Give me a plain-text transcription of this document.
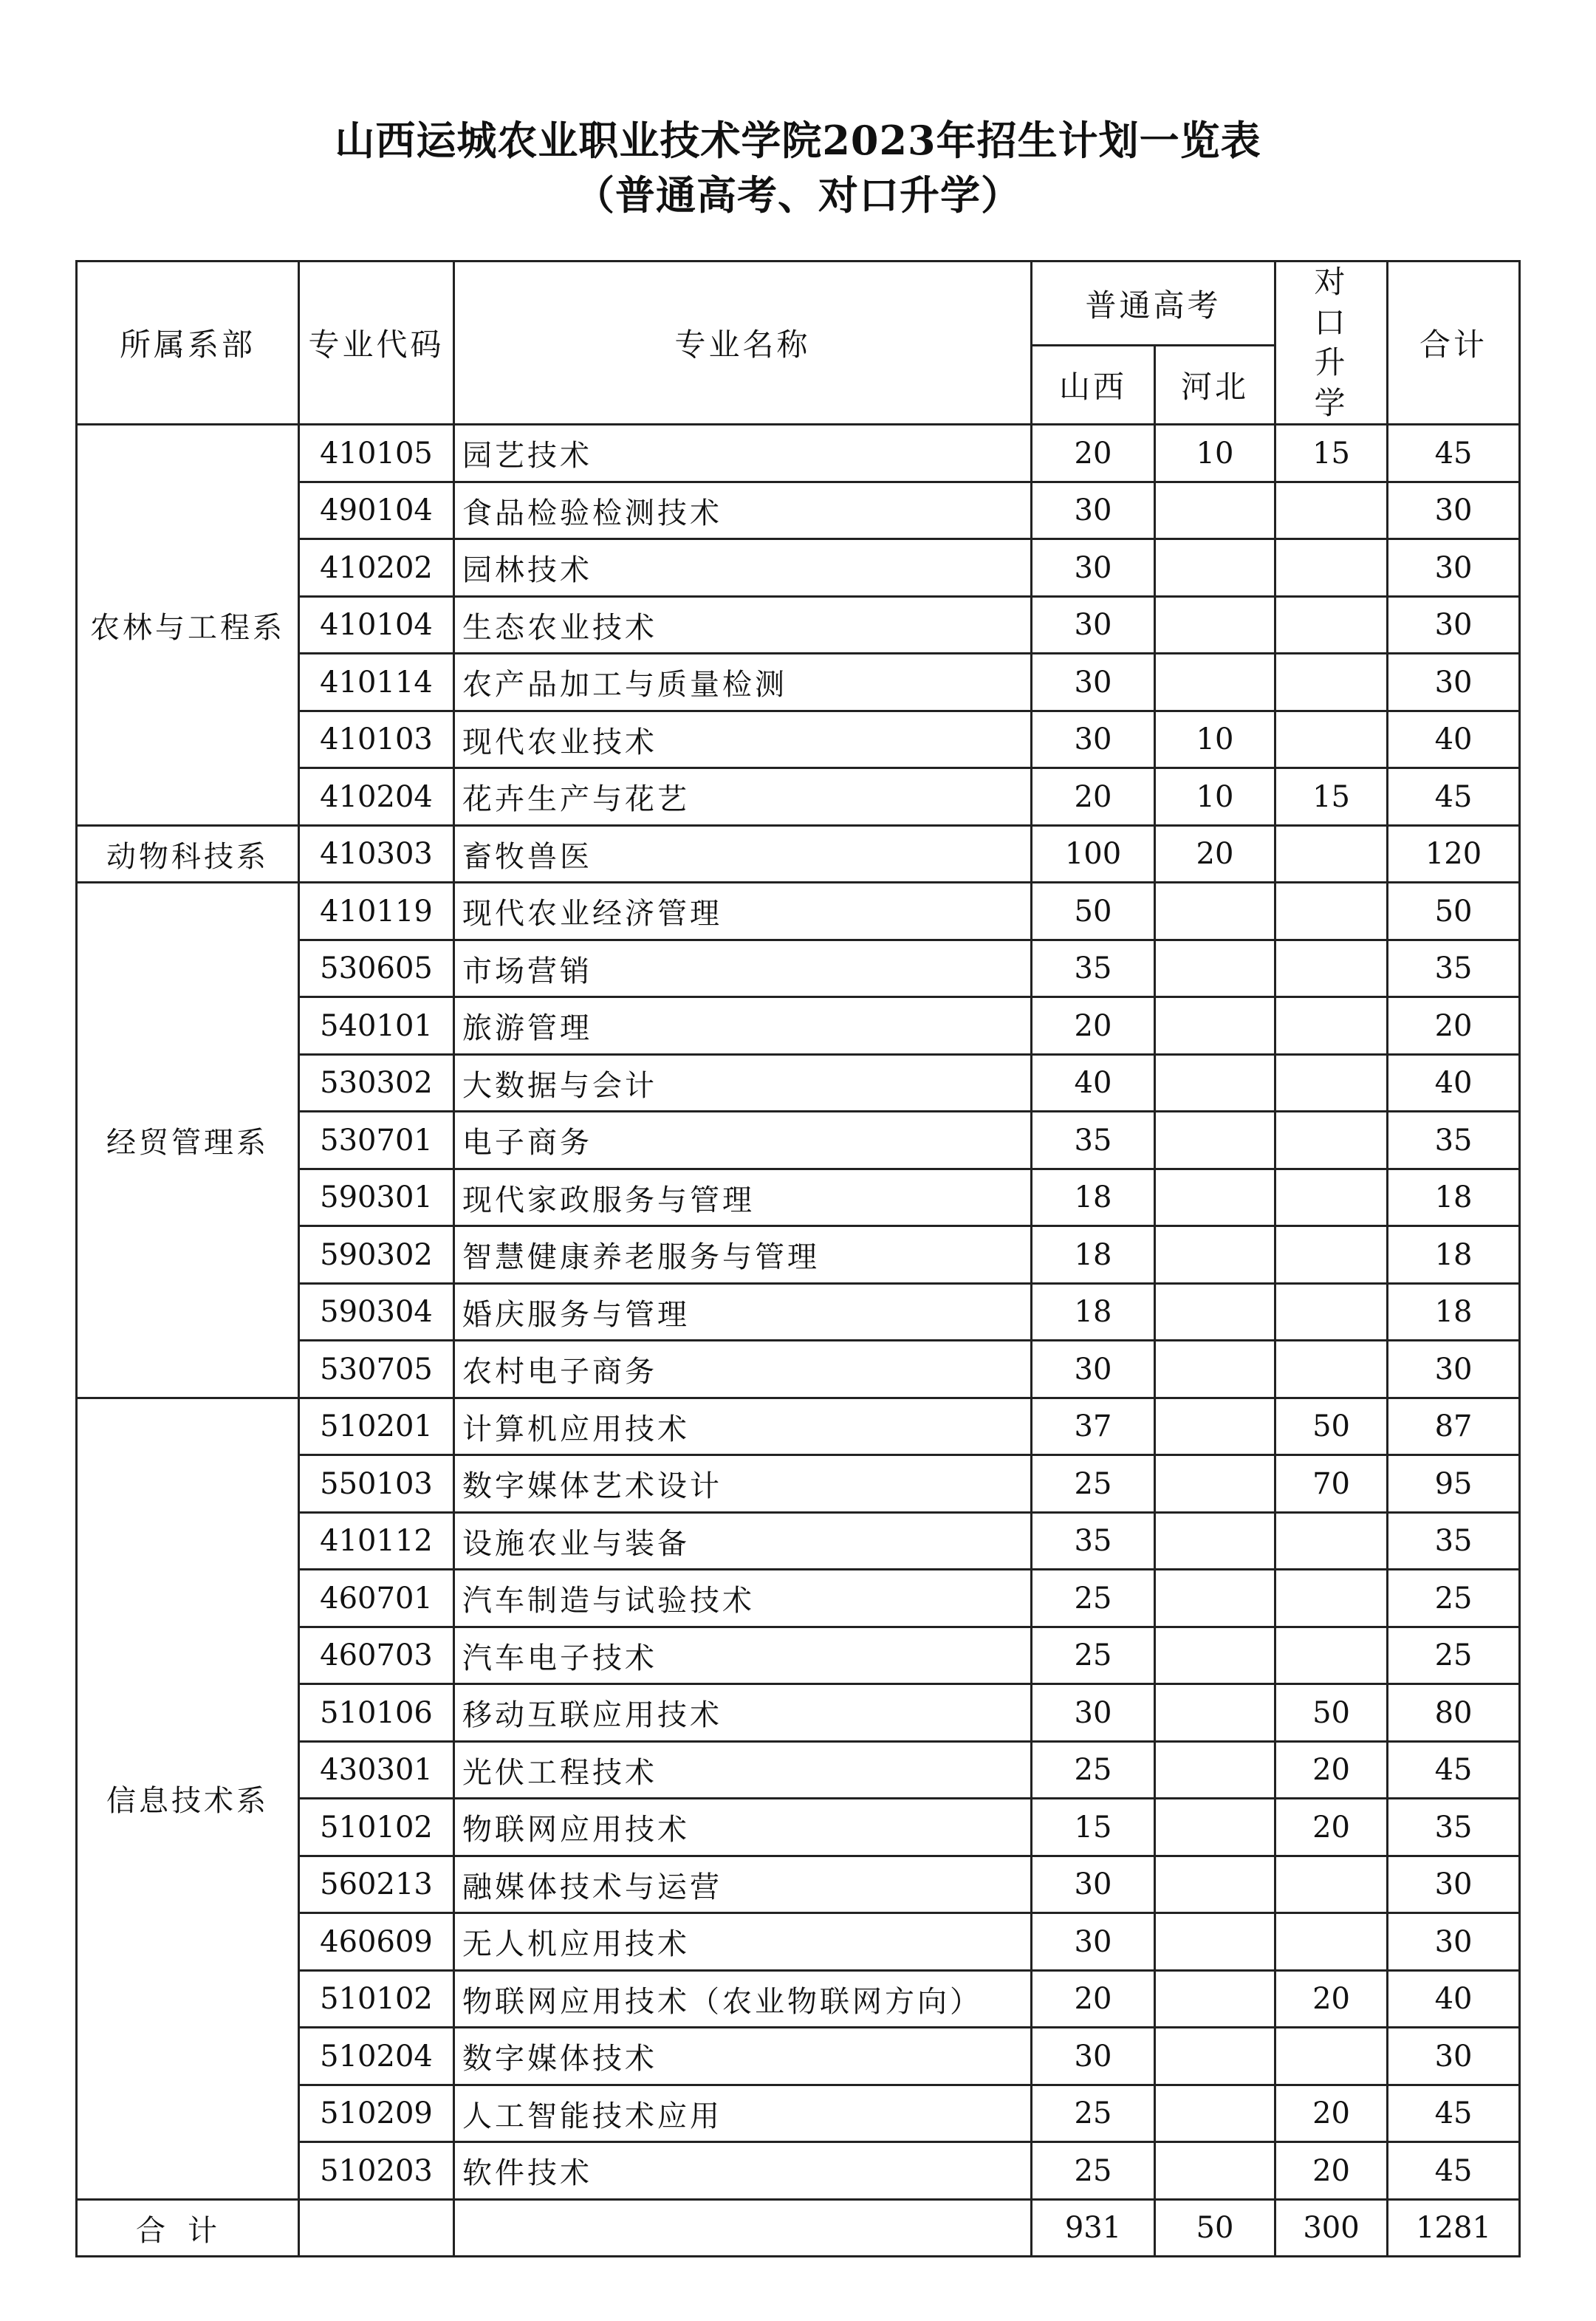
山西运城农业职业技术学院2023年招生计划一览表
（普通高考、对口升学）
所属系部	专业代码	专业名称	普通高考		对口升学	合计
			山西	河北		
农林与工程系	410105	园艺技术	20	10	15	45
	490104	食品检验检测技术	30			30
	410202	园林技术	30			30
	410104	生态农业技术	30			30
	410114	农产品加工与质量检测	30			30
	410103	现代农业技术	30	10		40
	410204	花卉生产与花艺	20	10	15	45
动物科技系	410303	畜牧兽医	100	20		120
经贸管理系	410119	现代农业经济管理	50			50
	530605	市场营销	35			35
	540101	旅游管理	20			20
	530302	大数据与会计	40			40
	530701	电子商务	35			35
	590301	现代家政服务与管理	18			18
	590302	智慧健康养老服务与管理	18			18
	590304	婚庆服务与管理	18			18
	530705	农村电子商务	30			30
信息技术系	510201	计算机应用技术	37		50	87
	550103	数字媒体艺术设计	25		70	95
	410112	设施农业与装备	35			35
	460701	汽车制造与试验技术	25			25
	460703	汽车电子技术	25			25
	510106	移动互联应用技术	30		50	80
	430301	光伏工程技术	25		20	45
	510102	物联网应用技术	15		20	35
	560213	融媒体技术与运营	30			30
	460609	无人机应用技术	30			30
	510102	物联网应用技术（农业物联网方向）	20		20	40
	510204	数字媒体技术	30			30
	510209	人工智能技术应用	25		20	45
	510203	软件技术	25		20	45
合计			931	50	300	1281
